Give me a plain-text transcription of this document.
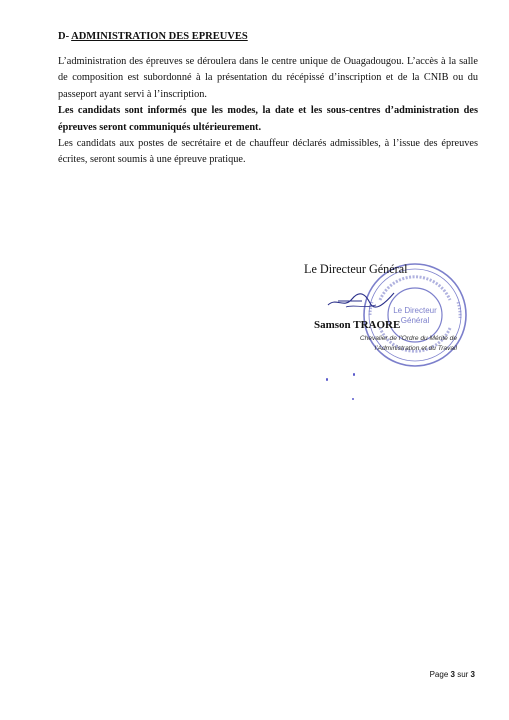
D- ADMINISTRATION DES EPREUVES

L’administration des épreuves se déroulera dans le centre unique de Ouagadougou. L’accès à la salle de composition est subordonné à la présentation du récépissé d’inscription et de la CNIB ou du passeport ayant servi à l’inscription.

Les candidats sont informés que les modes, la date et les sous-centres d’administration des épreuves seront communiqués ultérieurement.

Les candidats aux postes de secrétaire et de chauffeur déclarés admissibles, à l’issue des épreuves écrites, seront soumis à une épreuve pratique.

Le Directeur
Général
Le Directeur Général
Samson TRAORE
Chevalier de l’Ordre du Mérite de
l’Administration et du Travail
Page 3 sur 3
